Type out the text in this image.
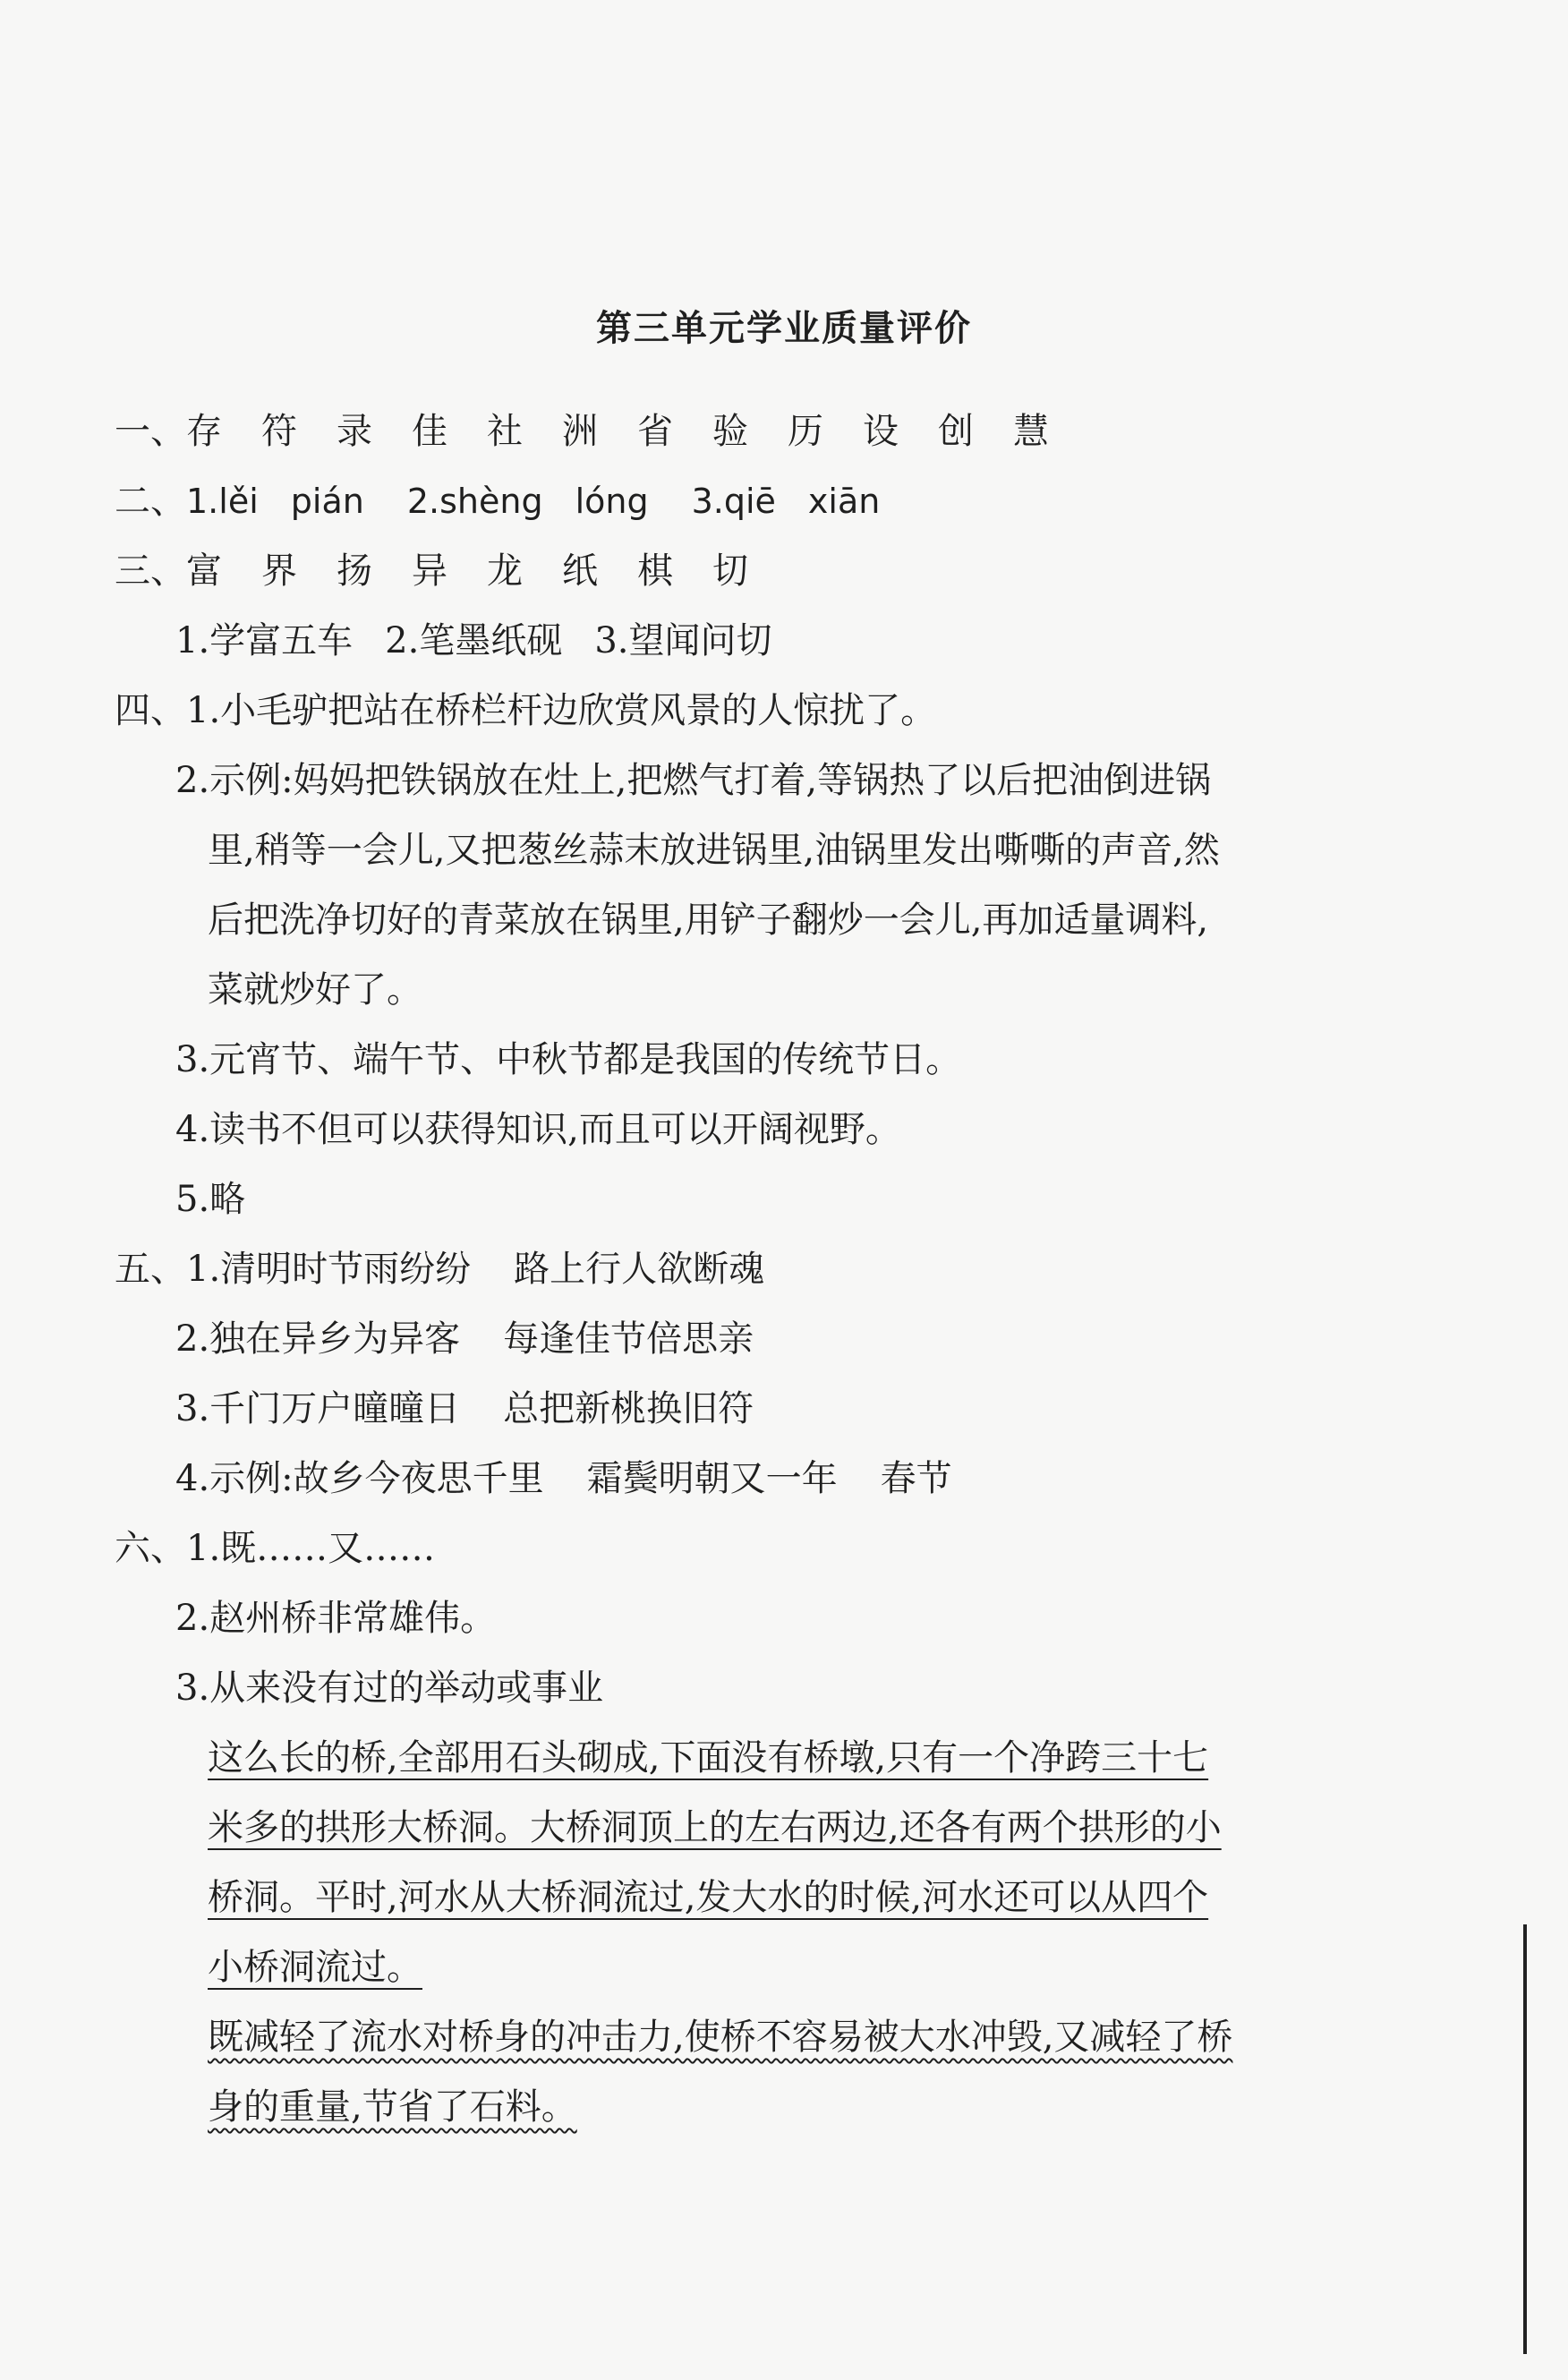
第三单元学业质量评价
一、存 符 录 佳 社 洲 省 验 历 设 创 慧
二、1.lěi pián 2.shèng lóng 3.qiē xiān
三、富 界 扬 异 龙 纸 棋 切
1.学富五车 2.笔墨纸砚 3.望闻问切
四、1.小毛驴把站在桥栏杆边欣赏风景的人惊扰了。
2.示例:妈妈把铁锅放在灶上,把燃气打着,等锅热了以后把油倒进锅
里,稍等一会儿,又把葱丝蒜末放进锅里,油锅里发出嘶嘶的声音,然
后把洗净切好的青菜放在锅里,用铲子翻炒一会儿,再加适量调料,
菜就炒好了。
3.元宵节、端午节、中秋节都是我国的传统节日。
4.读书不但可以获得知识,而且可以开阔视野。
5.略
五、1.清明时节雨纷纷 路上行人欲断魂
2.独在异乡为异客 每逢佳节倍思亲
3.千门万户曈曈日 总把新桃换旧符
4.示例:故乡今夜思千里 霜鬓明朝又一年 春节
六、1.既……又……
2.赵州桥非常雄伟。
3.从来没有过的举动或事业
这么长的桥,全部用石头砌成,下面没有桥墩,只有一个净跨三十七
米多的拱形大桥洞。大桥洞顶上的左右两边,还各有两个拱形的小
桥洞。平时,河水从大桥洞流过,发大水的时候,河水还可以从四个
小桥洞流过。
既减轻了流水对桥身的冲击力,使桥不容易被大水冲毁,又减轻了桥
身的重量,节省了石料。
